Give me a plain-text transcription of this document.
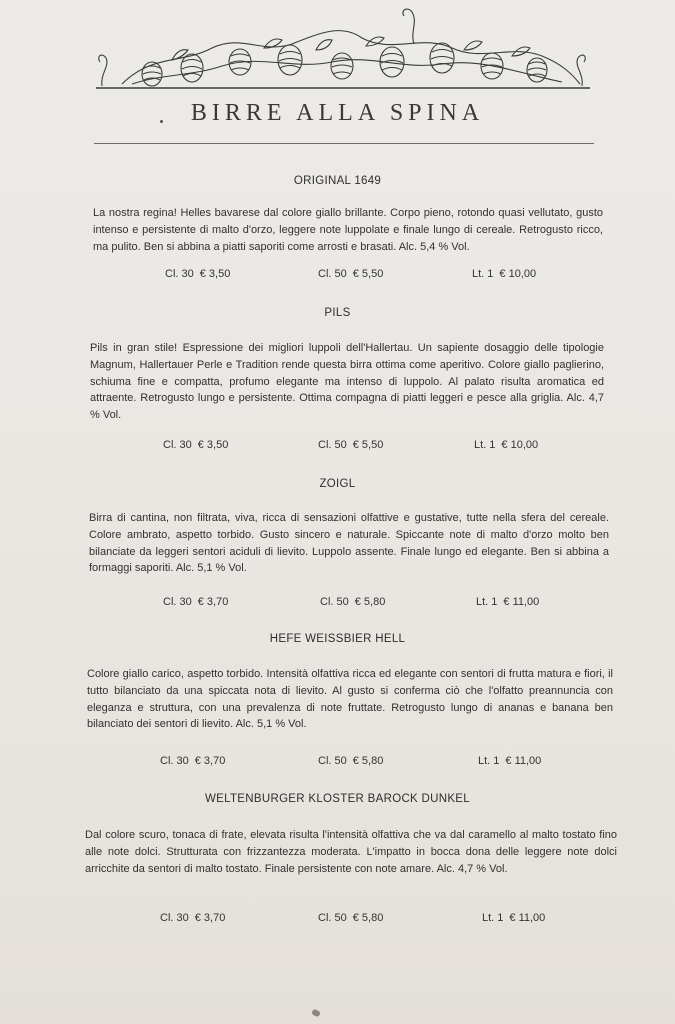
BIRRE ALLA SPINA
ORIGINAL 1649
La nostra regina! Helles bavarese dal colore giallo brillante. Corpo pieno, rotondo quasi vellutato, gusto intenso e persistente di malto d'orzo, leggere note luppolate e finale lungo di cereale. Retrogusto ricco, ma pulito. Ben si abbina a piatti saporiti come arrosti e brasati. Alc. 5,4 % Vol.
Cl. 30 € 3,50	Cl. 50 € 5,50	Lt. 1 € 10,00
PILS
Pils in gran stile! Espressione dei migliori luppoli dell'Hallertau. Un sapiente dosaggio delle tipologie Magnum, Hallertauer Perle e Tradition rende questa birra ottima come aperitivo. Colore giallo paglierino, schiuma fine e compatta, profumo elegante ma intenso di luppolo. Al palato risulta aromatica ed attraente. Retrogusto lungo e persistente. Ottima compagna di piatti leggeri e pesce alla griglia. Alc. 4,7 % Vol.
Cl. 30 € 3,50	Cl. 50 € 5,50	Lt. 1 € 10,00
ZOIGL
Birra di cantina, non filtrata, viva, ricca di sensazioni olfattive e gustative, tutte nella sfera del cereale. Colore ambrato, aspetto torbido. Gusto sincero e naturale. Spiccante note di malto d'orzo molto ben bilanciate da leggeri sentori aciduli di lievito. Luppolo assente. Finale lungo ed elegante. Ben si abbina a formaggi saporiti. Alc. 5,1 % Vol.
Cl. 30 € 3,70	Cl. 50 € 5,80	Lt. 1 € 11,00
HEFE WEISSBIER HELL
Colore giallo carico, aspetto torbido. Intensità olfattiva ricca ed elegante con sentori di frutta matura e fiori, il tutto bilanciato da una spiccata nota di lievito. Al gusto si conferma ciò che l'olfatto preannuncia con eleganza e struttura, con una prevalenza di note fruttate. Retrogusto lungo di ananas e banana ben bilanciato dei sentori di lievito. Alc. 5,1 % Vol.
Cl. 30 € 3,70	Cl. 50 € 5,80	Lt. 1 € 11,00
WELTENBURGER KLOSTER BAROCK DUNKEL
Dal colore scuro, tonaca di frate, elevata risulta l'intensità olfattiva che va dal caramello al malto tostato fino alle note dolci. Strutturata con frizzantezza moderata. L'impatto in bocca dona delle leggere note dolci arricchite da sentori di malto tostato. Finale persistente con note amare. Alc. 4,7 % Vol.
Cl. 30 € 3,70	Cl. 50 € 5,80	Lt. 1 € 11,00
